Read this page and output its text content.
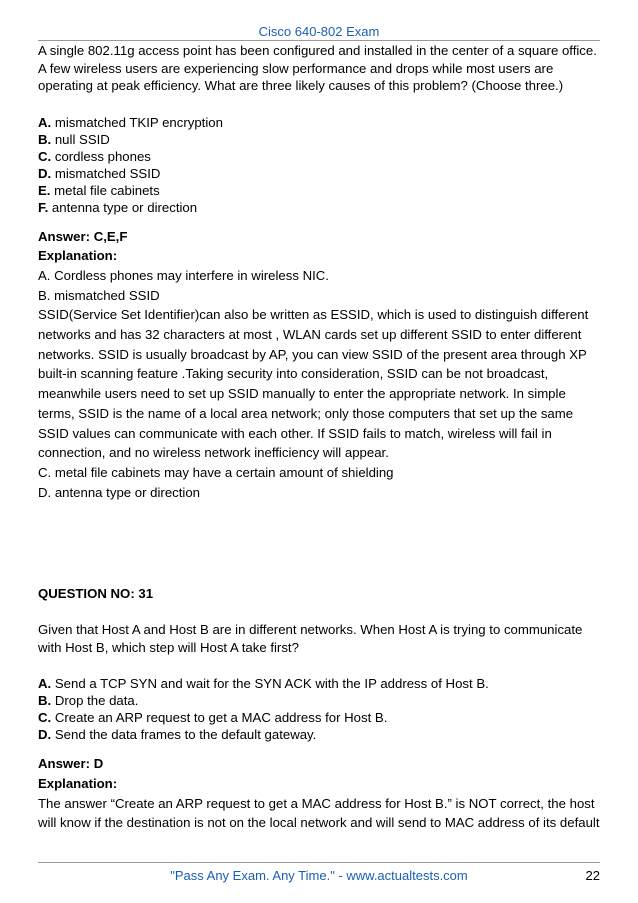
Cisco 640-802 Exam

A single 802.11g access point has been configured and installed in the center of a square office. A few wireless users are experiencing slow performance and drops while most users are operating at peak efficiency. What are three likely causes of this problem? (Choose three.)

A. mismatched TKIP encryption
B. null SSID
C. cordless phones
D. mismatched SSID
E. metal file cabinets
F. antenna type or direction
Answer: C,E,F
Explanation:
A. Cordless phones may interfere in wireless NIC.
B. mismatched SSID
SSID(Service Set Identifier)can also be written as ESSID, which is used to distinguish different networks and has 32 characters at most , WLAN cards set up different SSID to enter different networks. SSID is usually broadcast by AP, you can view SSID of the present area through XP built-in scanning feature .Taking security into consideration, SSID can be not broadcast, meanwhile users need to set up SSID manually to enter the appropriate network. In simple terms, SSID is the name of a local area network; only those computers that set up the same SSID values can communicate with each other. If SSID fails to match, wireless will fail in connection, and no wireless network inefficiency will appear.
C. metal file cabinets may have a certain amount of shielding
D. antenna type or direction
QUESTION NO: 31

Given that Host A and Host B are in different networks. When Host A is trying to communicate with Host B, which step will Host A take first?

A. Send a TCP SYN and wait for the SYN ACK with the IP address of Host B.
B. Drop the data.
C. Create an ARP request to get a MAC address for Host B.
D. Send the data frames to the default gateway.
Answer: D
Explanation:
The answer “Create an ARP request to get a MAC address for Host B.” is NOT correct, the host will know if the destination is not on the local network and will send to MAC address of its default
"Pass Any Exam. Any Time." - www.actualtests.com	22
